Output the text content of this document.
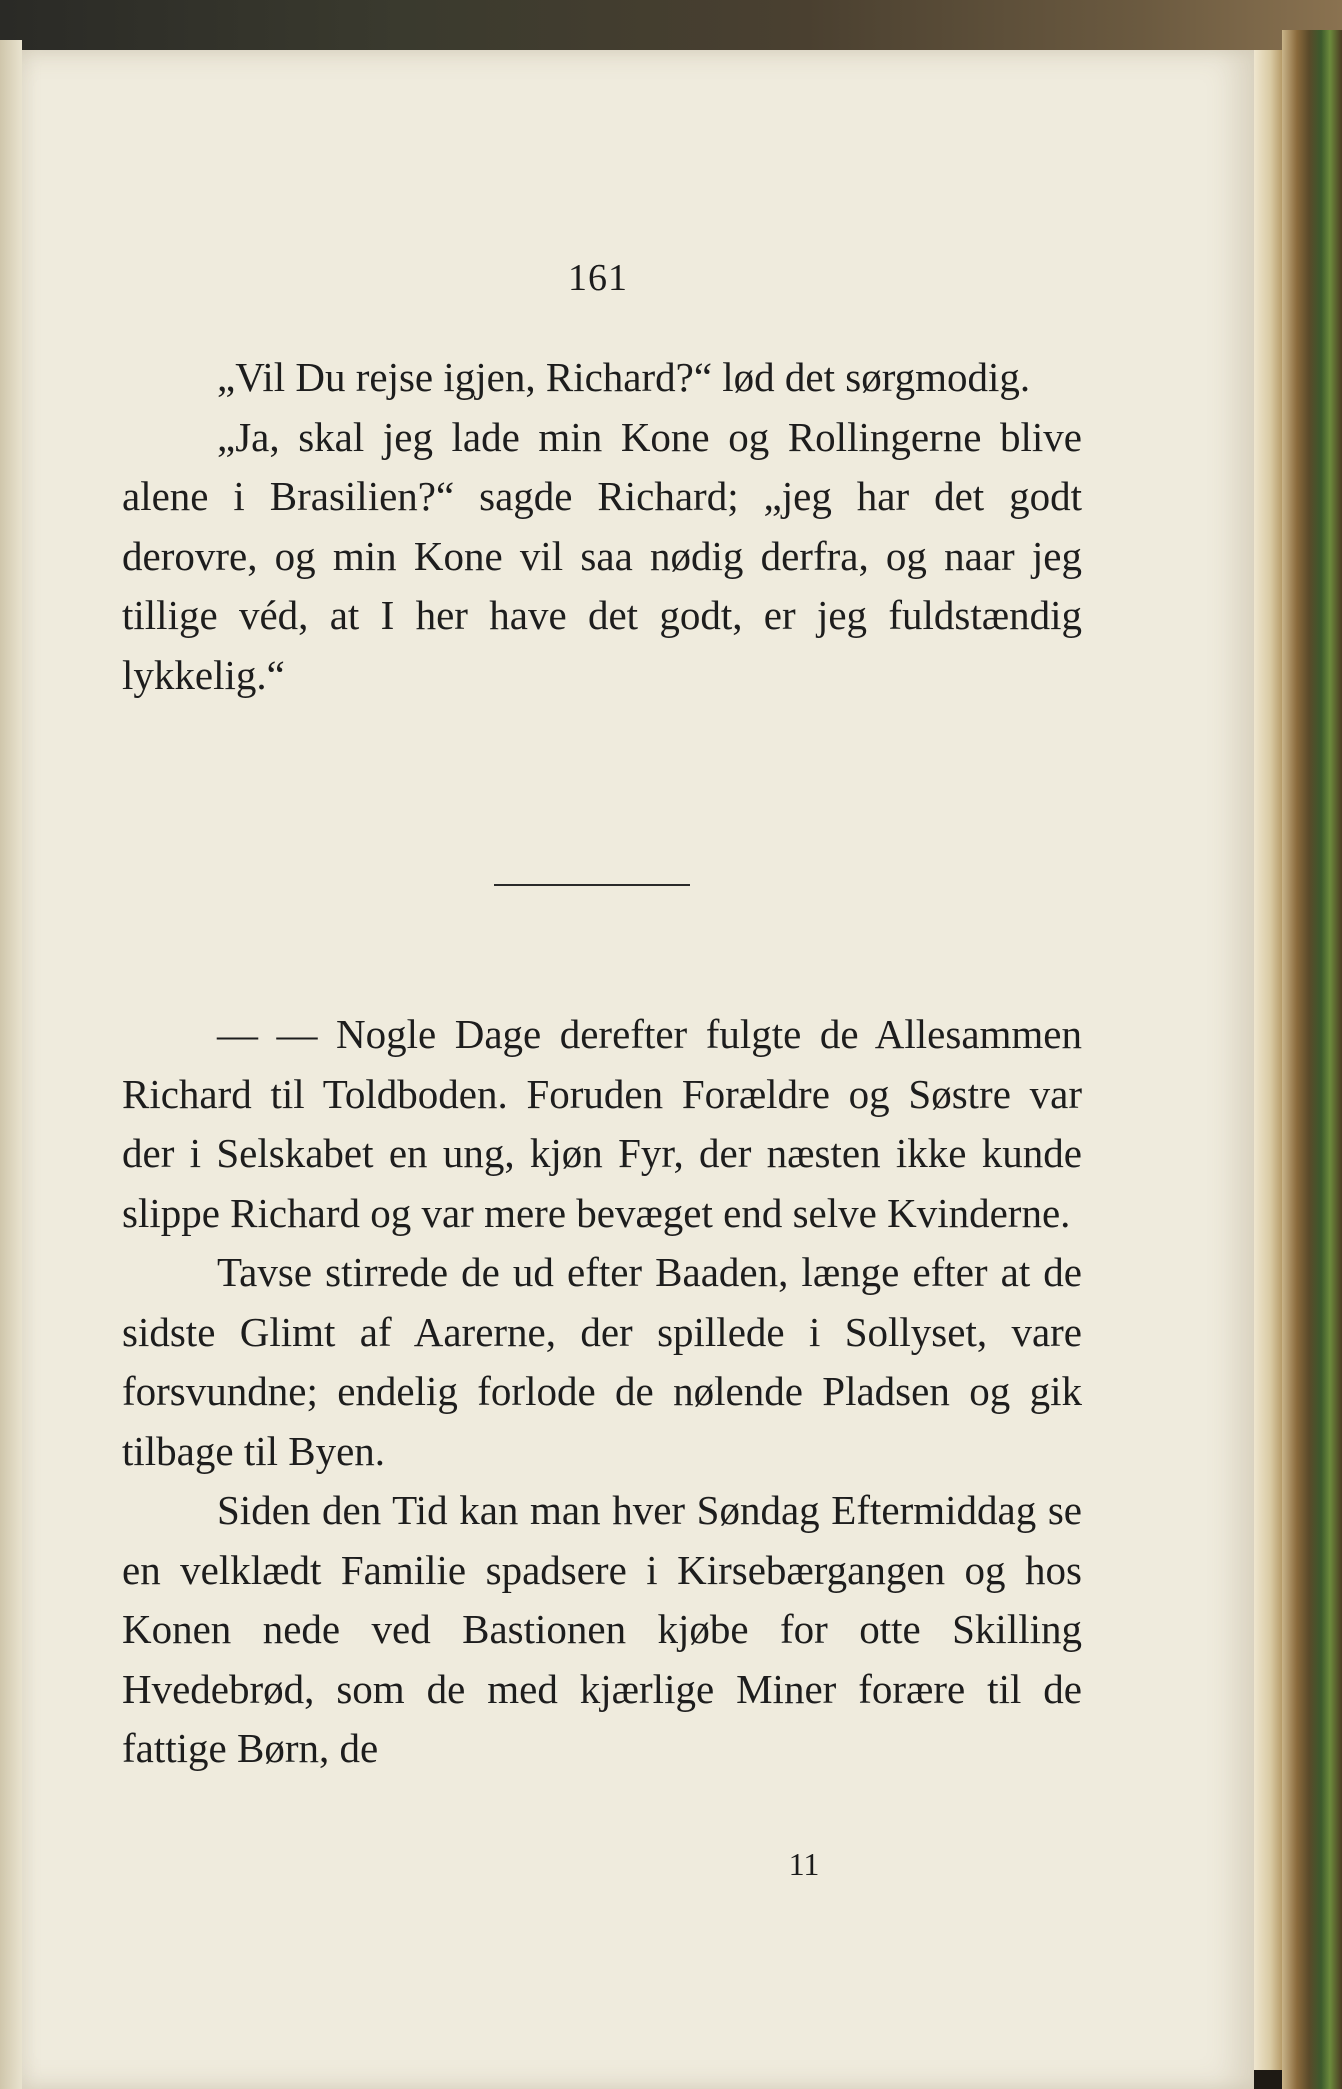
161

„Vil Du rejse igjen, Richard?“ lød det sørgmodig.

„Ja, skal jeg lade min Kone og Rollingerne blive alene i Brasilien?“ sagde Richard; „jeg har det godt derovre, og min Kone vil saa nødig derfra, og naar jeg tillige véd, at I her have det godt, er jeg fuldstændig lykkelig.“

— — Nogle Dage derefter fulgte de Allesammen Richard til Toldboden. Foruden Forældre og Søstre var der i Selskabet en ung, kjøn Fyr, der næsten ikke kunde slippe Richard og var mere bevæget end selve Kvinderne.

Tavse stirrede de ud efter Baaden, længe efter at de sidste Glimt af Aarerne, der spillede i Sollyset, vare forsvundne; endelig forlode de nølende Pladsen og gik tilbage til Byen.

Siden den Tid kan man hver Søndag Eftermiddag se en velklædt Familie spadsere i Kirsebærgangen og hos Konen nede ved Bastionen kjøbe for otte Skilling Hvedebrød, som de med kjærlige Miner forære til de fattige Børn, de

11
